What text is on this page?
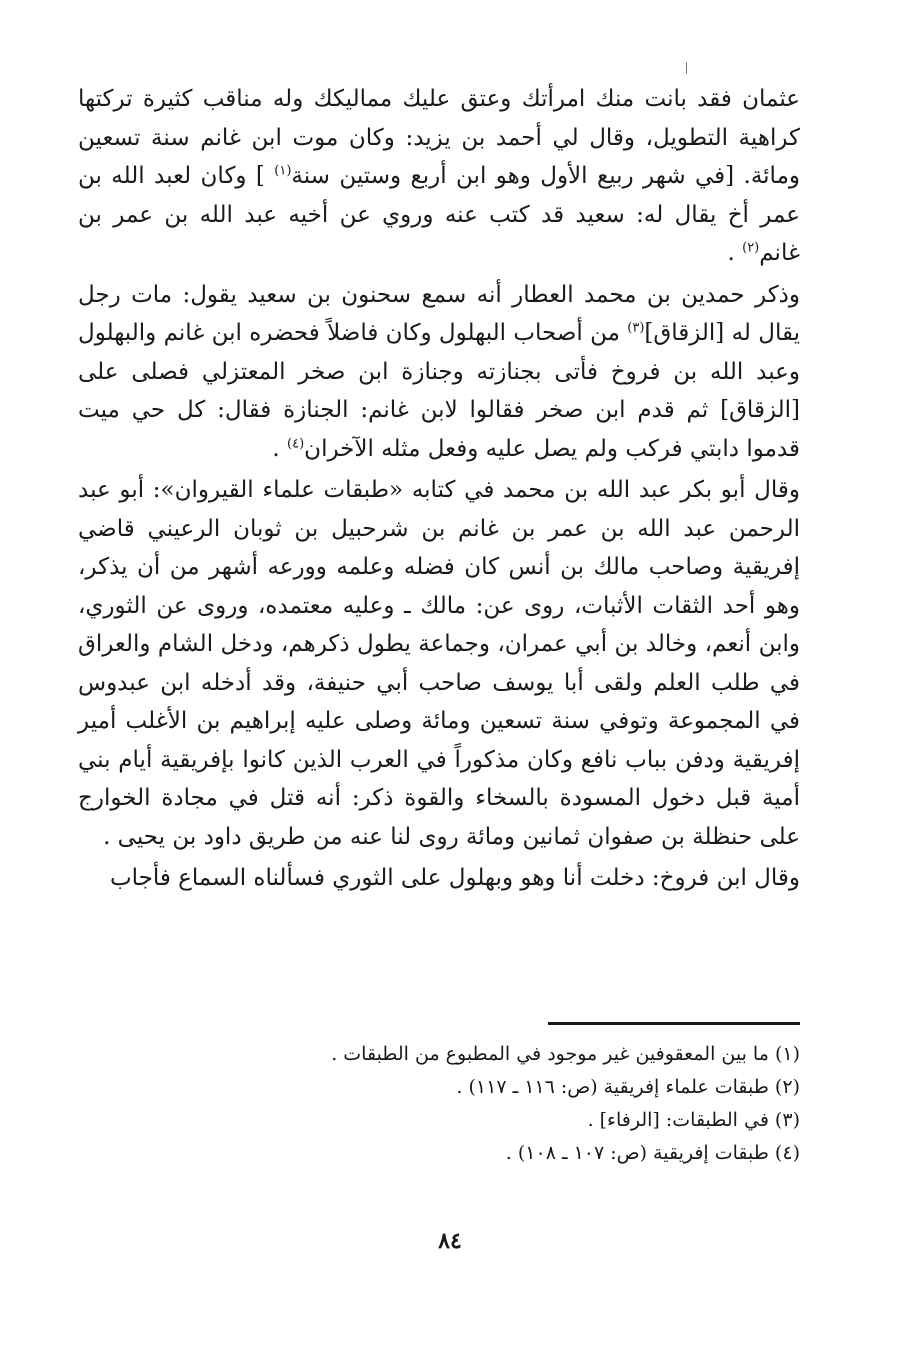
عثمان فقد بانت منك امرأتك وعتق عليك مماليكك وله مناقب كثيرة تركتها كراهية التطويل، وقال لي أحمد بن يزيد: وكان موت ابن غانم سنة تسعين ومائة. [في شهر ربيع الأول وهو ابن أربع وستين سنة$^{(١)}$ ] وكان لعبد الله بن عمر أخ يقال له: سعيد قد كتب عنه وروي عن أخيه عبد الله بن عمر بن غانم$^{(٢)}$ .

وذكر حمدين بن محمد العطار أنه سمع سحنون بن سعيد يقول: مات رجل يقال له [الزقاق]$^{(٣)}$ من أصحاب البهلول وكان فاضلاً فحضره ابن غانم والبهلول وعبد الله بن فروخ فأتى بجنازته وجنازة ابن صخر المعتزلي فصلى على [الزقاق] ثم قدم ابن صخر فقالوا لابن غانم: الجنازة فقال: كل حي ميت قدموا دابتي فركب ولم يصل عليه وفعل مثله الآخران$^{(٤)}$ .

وقال أبو بكر عبد الله بن محمد في كتابه «طبقات علماء القيروان»: أبو عبد الرحمن عبد الله بن عمر بن غانم بن شرحبيل بن ثوبان الرعيني قاضي إفريقية وصاحب مالك بن أنس كان فضله وعلمه وورعه أشهر من أن يذكر، وهو أحد الثقات الأثبات، روى عن: مالك ـ وعليه معتمده، وروى عن الثوري، وابن أنعم، وخالد بن أبي عمران، وجماعة يطول ذكرهم، ودخل الشام والعراق في طلب العلم ولقى أبا يوسف صاحب أبي حنيفة، وقد أدخله ابن عبدوس في المجموعة وتوفي سنة تسعين ومائة وصلى عليه إبراهيم بن الأغلب أمير إفريقية ودفن بباب نافع وكان مذكوراً في العرب الذين كانوا بإفريقية أيام بني أمية قبل دخول المسودة بالسخاء والقوة ذكر: أنه قتل في مجادة الخوارج على حنظلة بن صفوان ثمانين ومائة روى لنا عنه من طريق داود بن يحيى .

وقال ابن فروخ: دخلت أنا وهو وبهلول على الثوري فسألناه السماع فأجاب

(١) ما بين المعقوفين غير موجود في المطبوع من الطبقات .

(٢) طبقات علماء إفريقية (ص: ١١٦ ـ ١١٧) .

(٣) في الطبقات: [الرفاء] .

(٤) طبقات إفريقية (ص: ١٠٧ ـ ١٠٨) .

٨٤
